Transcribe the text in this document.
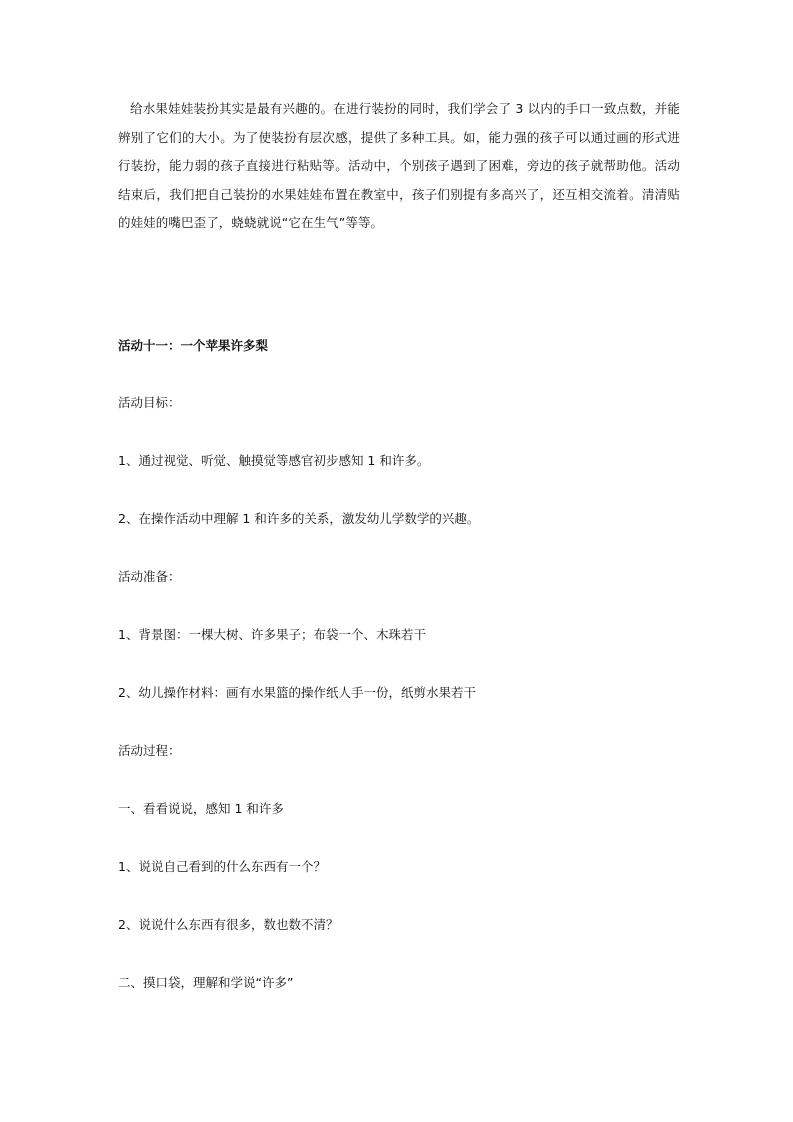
给水果娃娃装扮其实是最有兴趣的。在进行装扮的同时，我们学会了 3 以内的手口一致点数，并能辨别了它们的大小。为了使装扮有层次感，提供了多种工具。如，能力强的孩子可以通过画的形式进行装扮，能力弱的孩子直接进行粘贴等。活动中，个别孩子遇到了困难，旁边的孩子就帮助他。活动结束后，我们把自己装扮的水果娃娃布置在教室中，孩子们别提有多高兴了，还互相交流着。清清贴的娃娃的嘴巴歪了，蛲蛲就说“它在生气”等等。

活动十一：一个苹果许多梨

活动目标：

1、通过视觉、听觉、触摸觉等感官初步感知 1 和许多。

2、在操作活动中理解 1 和许多的关系，激发幼儿学数学的兴趣。

活动准备：

1、背景图：一棵大树、许多果子；布袋一个、木珠若干

2、幼儿操作材料：画有水果篮的操作纸人手一份，纸剪水果若干

活动过程：

一、看看说说，感知 1 和许多

1、说说自己看到的什么东西有一个？

2、说说什么东西有很多，数也数不清？

二、摸口袋，理解和学说“许多”
